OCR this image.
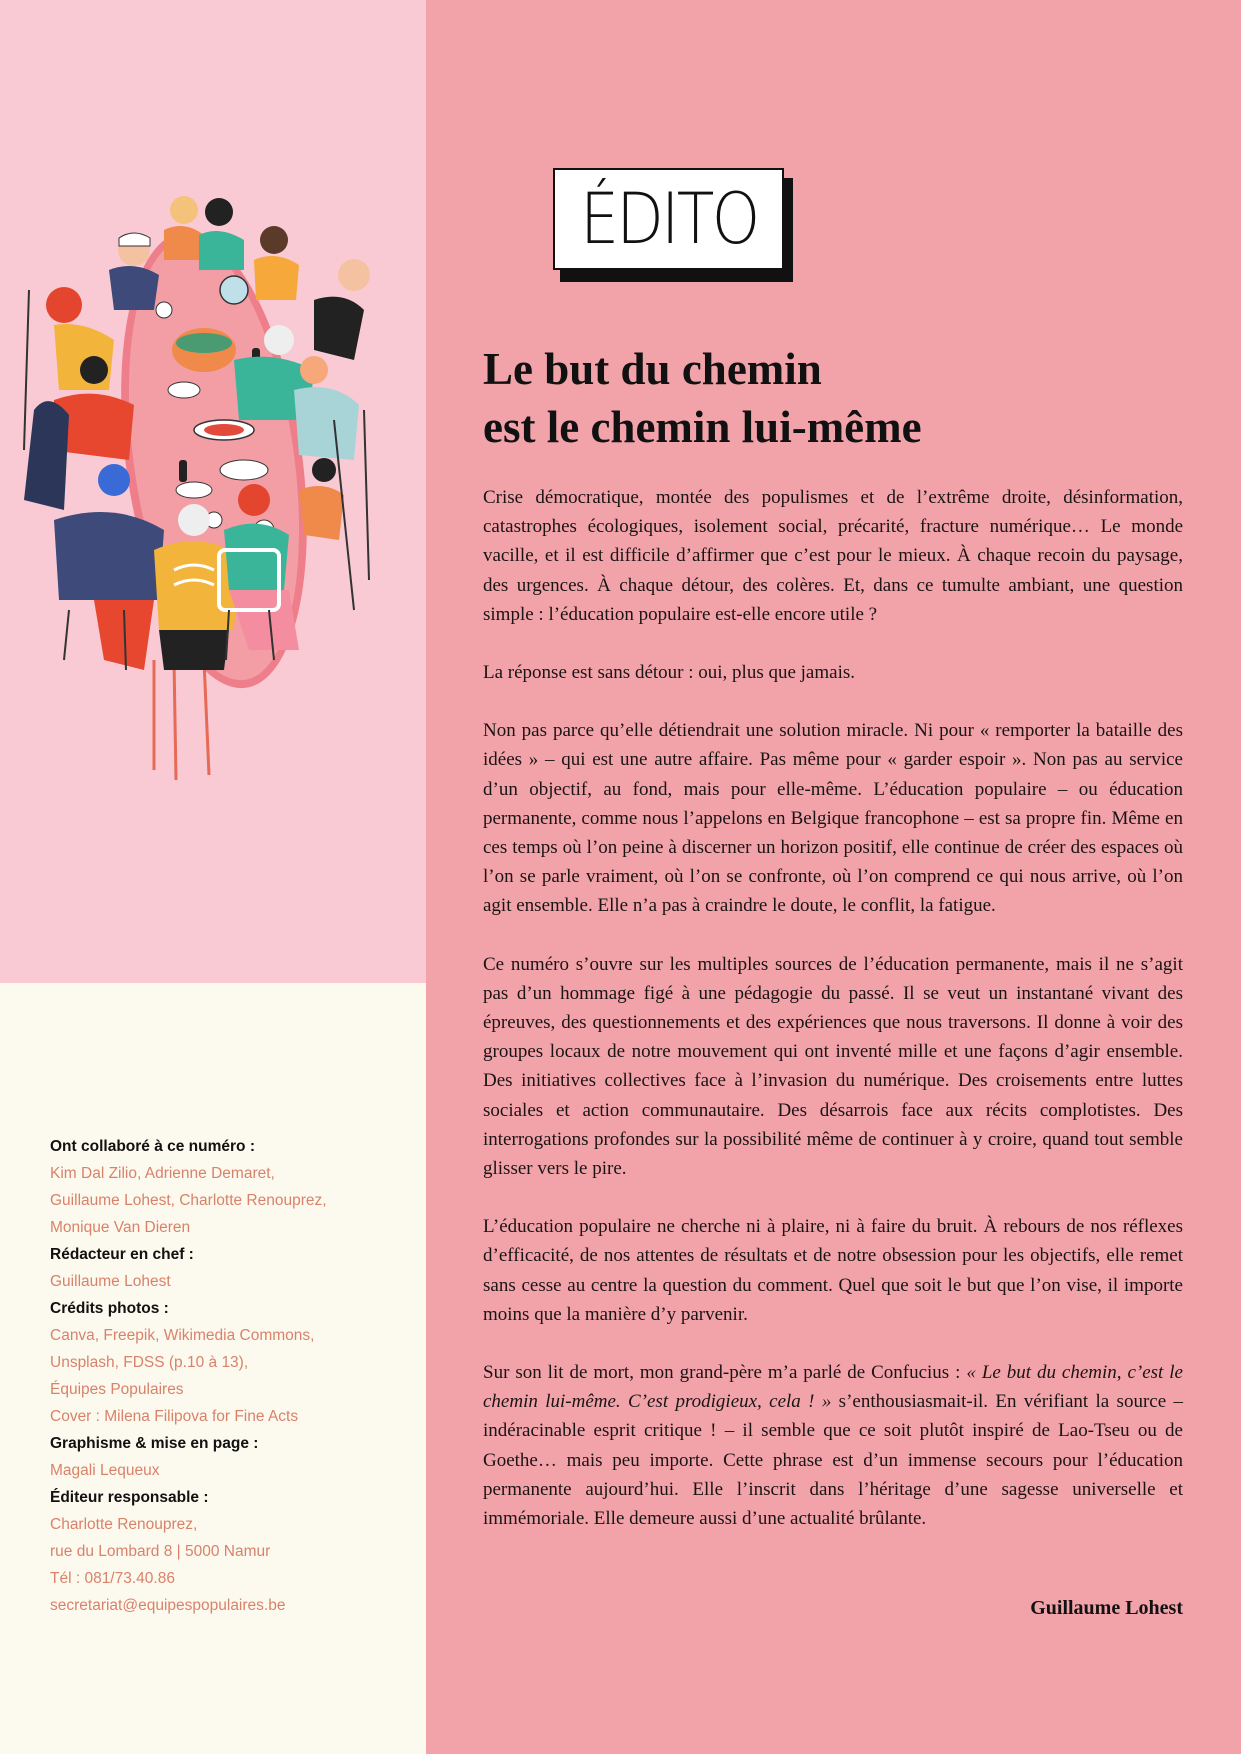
Ont collaboré à ce numéro :
Kim Dal Zilio, Adrienne Demaret,
Guillaume Lohest, Charlotte Renouprez,
Monique Van Dieren
Rédacteur en chef :
Guillaume Lohest
Crédits photos :
Canva, Freepik, Wikimedia Commons,
Unsplash, FDSS (p.10 à 13),
Équipes Populaires
Cover : Milena Filipova for Fine Acts
Graphisme & mise en page :
Magali Lequeux
Éditeur responsable :
Charlotte Renouprez,
rue du Lombard 8 | 5000 Namur
Tél : 081/73.40.86
secretariat@equipespopulaires.be
ÉDITO
Le but du chemin
est le chemin lui-même

Crise démocratique, montée des populismes et de l’extrême droite, désinformation, catastrophes écologiques, isolement social, précarité, fracture numérique… Le monde vacille, et il est difficile d’affirmer que c’est pour le mieux. À chaque recoin du paysage, des urgences. À chaque détour, des colères. Et, dans ce tumulte ambiant, une question simple : l’éducation populaire est-elle encore utile ?

La réponse est sans détour : oui, plus que jamais.

Non pas parce qu’elle détiendrait une solution miracle. Ni pour « remporter la bataille des idées » – qui est une autre affaire. Pas même pour « garder espoir ». Non pas au service d’un objectif, au fond, mais pour elle-même. L’éducation populaire – ou éducation permanente, comme nous l’appelons en Belgique francophone – est sa propre fin. Même en ces temps où l’on peine à discerner un horizon positif, elle continue de créer des espaces où l’on se parle vraiment, où l’on se confronte, où l’on comprend ce qui nous arrive, où l’on agit ensemble. Elle n’a pas à craindre le doute, le conflit, la fatigue.

Ce numéro s’ouvre sur les multiples sources de l’éducation permanente, mais il ne s’agit pas d’un hommage figé à une pédagogie du passé. Il se veut un instantané vivant des épreuves, des questionnements et des expériences que nous traversons. Il donne à voir des groupes locaux de notre mouvement qui ont inventé mille et une façons d’agir ensemble. Des initiatives collectives face à l’invasion du numérique. Des croisements entre luttes sociales et action communautaire. Des désarrois face aux récits complotistes. Des interrogations profondes sur la possibilité même de continuer à y croire, quand tout semble glisser vers le pire.

L’éducation populaire ne cherche ni à plaire, ni à faire du bruit. À rebours de nos réflexes d’efficacité, de nos attentes de résultats et de notre obsession pour les objectifs, elle remet sans cesse au centre la question du comment. Quel que soit le but que l’on vise, il importe moins que la manière d’y parvenir.

Sur son lit de mort, mon grand-père m’a parlé de Confucius : « Le but du chemin, c’est le chemin lui-même. C’est prodigieux, cela ! » s’enthousiasmait-il. En vérifiant la source – indéracinable esprit critique ! – il semble que ce soit plutôt inspiré de Lao-Tseu ou de Goethe… mais peu importe. Cette phrase est d’un immense secours pour l’éducation permanente aujourd’hui. Elle l’inscrit dans l’héritage d’une sagesse universelle et immémoriale. Elle demeure aussi d’une actualité brûlante.

Guillaume Lohest
